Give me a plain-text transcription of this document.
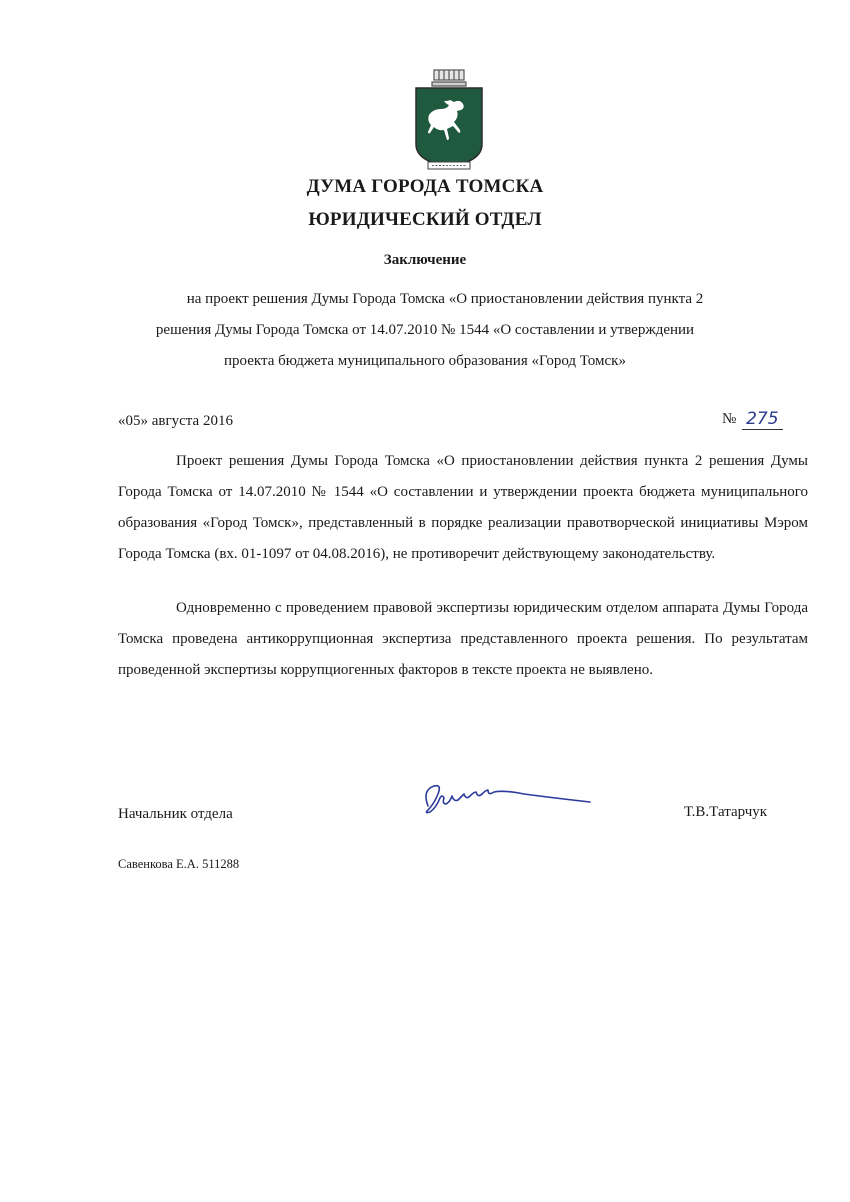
ДУМА ГОРОДА ТОМСКА
ЮРИДИЧЕСКИЙ ОТДЕЛ
Заключение
на проект решения Думы Города Томска «О приостановлении действия пункта 2
решения Думы Города Томска от 14.07.2010 № 1544 «О составлении и утверждении
проекта бюджета муниципального образования «Город Томск»
«05» августа 2016	№ 275

Проект решения Думы Города Томска «О приостановлении действия пункта 2 решения Думы Города Томска от 14.07.2010 № 1544 «О составлении и утверждении проекта бюджета муниципального образования «Город Томск», представленный в порядке реализации правотворческой инициативы Мэром Города Томска (вх. 01-1097 от 04.08.2016), не противоречит действующему законодательству.

Одновременно с проведением правовой экспертизы юридическим отделом аппарата Думы Города Томска проведена антикоррупционная экспертиза представленного проекта решения. По результатам проведенной экспертизы коррупциогенных факторов в тексте проекта не выявлено.

Начальник отдела	Т.В.Татарчук
Савенкова Е.А. 511288
